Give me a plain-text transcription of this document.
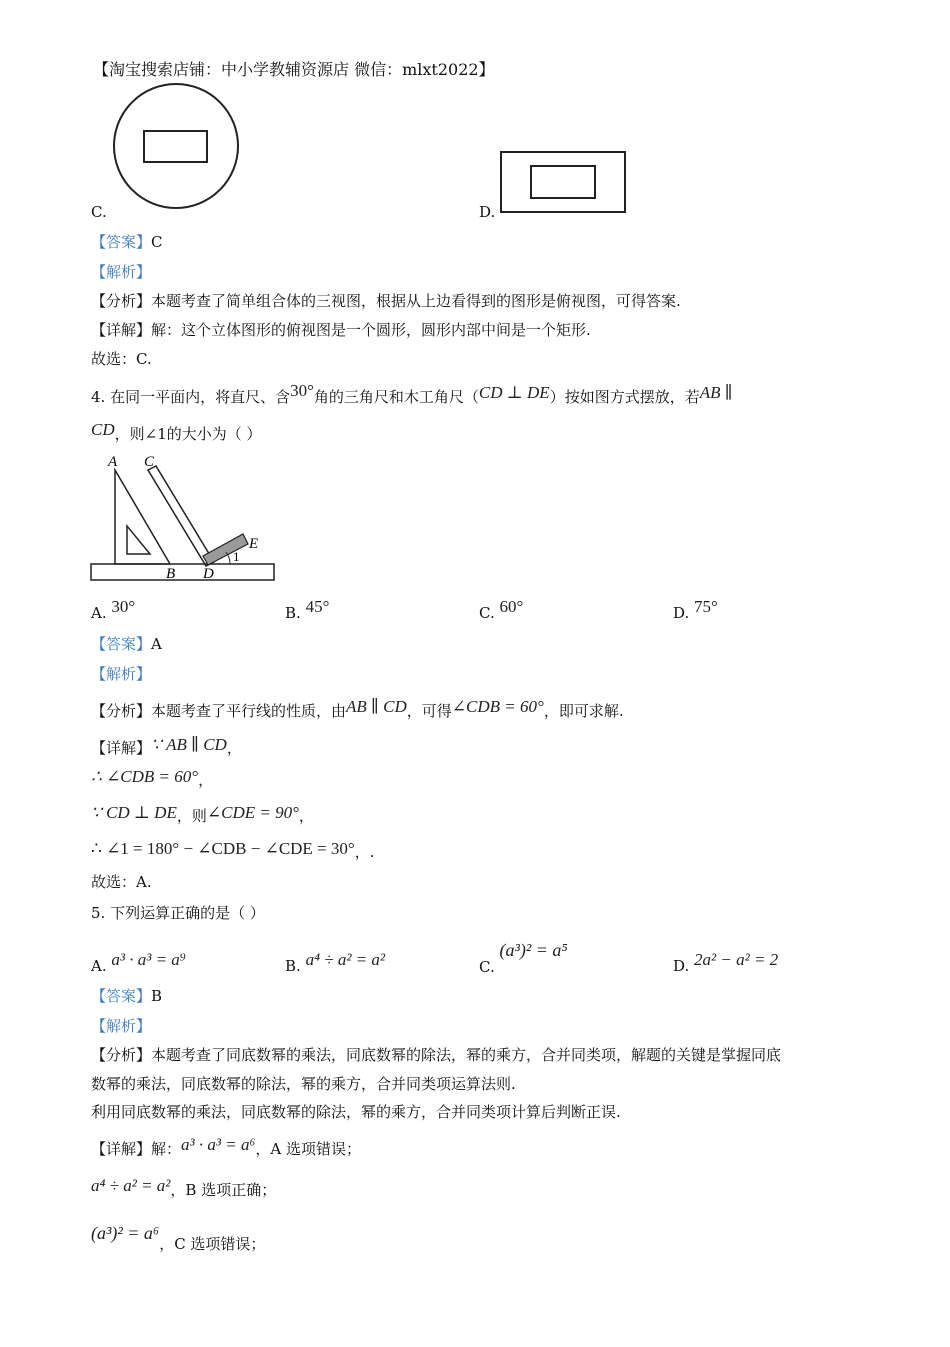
【淘宝搜索店铺：中小学教辅资源店 微信：mlxt2022】
C.	D.
【答案】C
【解析】
【分析】本题考查了简单组合体的三视图，根据从上边看得到的图形是俯视图，可得答案.
【详解】解：这个立体图形的俯视图是一个圆形，圆形内部中间是一个矩形.
故选：C.
4. 在同一平面内，将直尺、含30°角的三角尺和木工角尺（CD ⊥ DE）按如图方式摆放，若AB ∥
CD，则∠1的大小为（ ）
A C
E
1
B D
A. 30°	B. 45°	C. 60°	D. 75°
【答案】A
【解析】
【分析】本题考查了平行线的性质，由AB ∥ CD，可得∠CDB = 60°，即可求解.
【详解】∵ AB ∥ CD，
∴ ∠CDB = 60°，
∵ CD ⊥ DE，则∠CDE = 90°，
∴ ∠1 = 180° − ∠CDB − ∠CDE = 30°，.
故选：A.
5. 下列运算正确的是（ ）
A. a³ · a³ = a⁹	B. a⁴ ÷ a² = a²	C. (a³)² = a⁵
D. 2a² − a² = 2
【答案】B
【解析】
【分析】本题考查了同底数幂的乘法，同底数幂的除法，幂的乘方，合并同类项，解题的关键是掌握同底
数幂的乘法，同底数幂的除法，幂的乘方，合并同类项运算法则.
利用同底数幂的乘法，同底数幂的除法，幂的乘方，合并同类项计算后判断正误.
【详解】解：a³ · a³ = a⁶，A 选项错误；
a⁴ ÷ a² = a²，B 选项正确；
(a³)² = a⁶，C 选项错误；
